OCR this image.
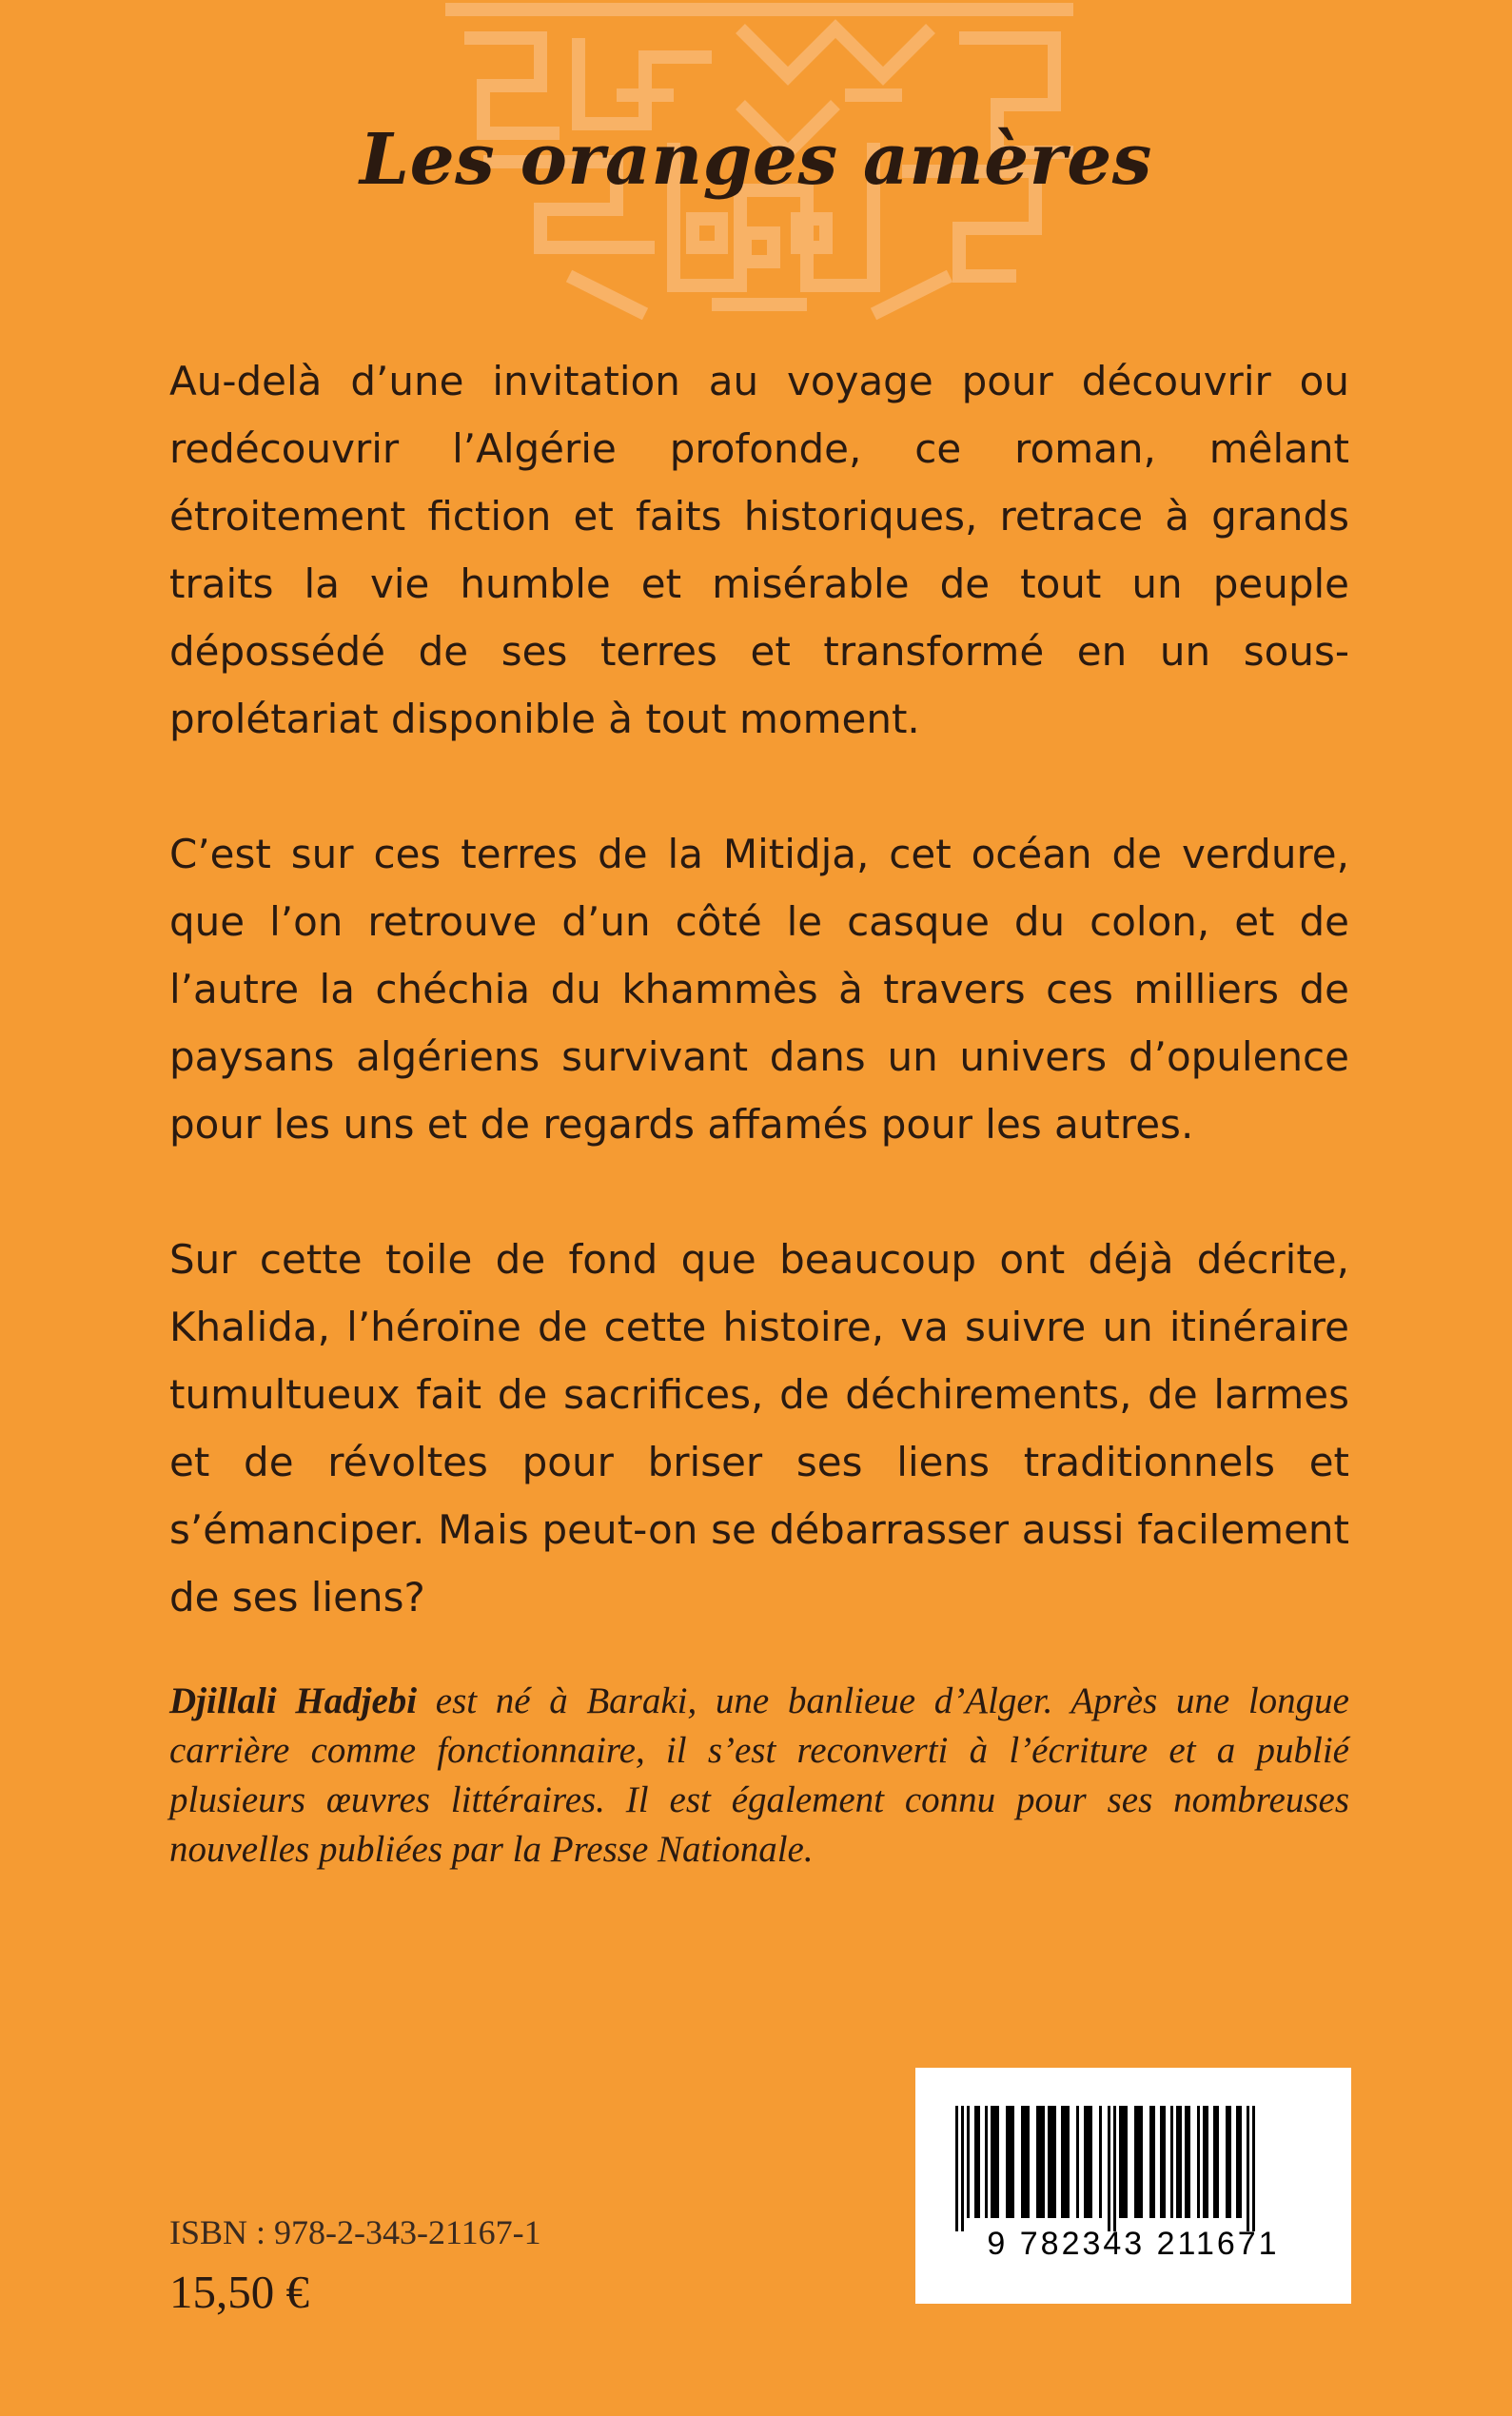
Les oranges amères

Au-delà d’une invitation au voyage pour découvrir ou redécouvrir l’Algérie profonde, ce roman, mêlant étroitement fiction et faits historiques, retrace à grands traits la vie humble et misérable de tout un peuple dépossédé de ses terres et transformé en un sous-prolétariat disponible à tout moment.

C’est sur ces terres de la Mitidja, cet océan de verdure, que l’on retrouve d’un côté le casque du colon, et de l’autre la chéchia du khammès à travers ces milliers de paysans algériens survivant dans un univers d’opulence pour les uns et de regards affamés pour les autres.

Sur cette toile de fond que beaucoup ont déjà décrite, Khalida, l’héroïne de cette histoire, va suivre un itinéraire tumultueux fait de sacrifices, de déchirements, de larmes et de révoltes pour briser ses liens traditionnels et s’émanciper. Mais peut-on se débarrasser aussi facilement de ses liens?

Djillali Hadjebi est né à Baraki, une banlieue d’Alger. Après une longue carrière comme fonctionnaire, il s’est reconverti à l’écriture et a publié plusieurs œuvres littéraires. Il est également connu pour ses nombreuses nouvelles publiées par la Presse Nationale.

ISBN : 978-2-343-21167-1

15,50 €

9 782343 211671
